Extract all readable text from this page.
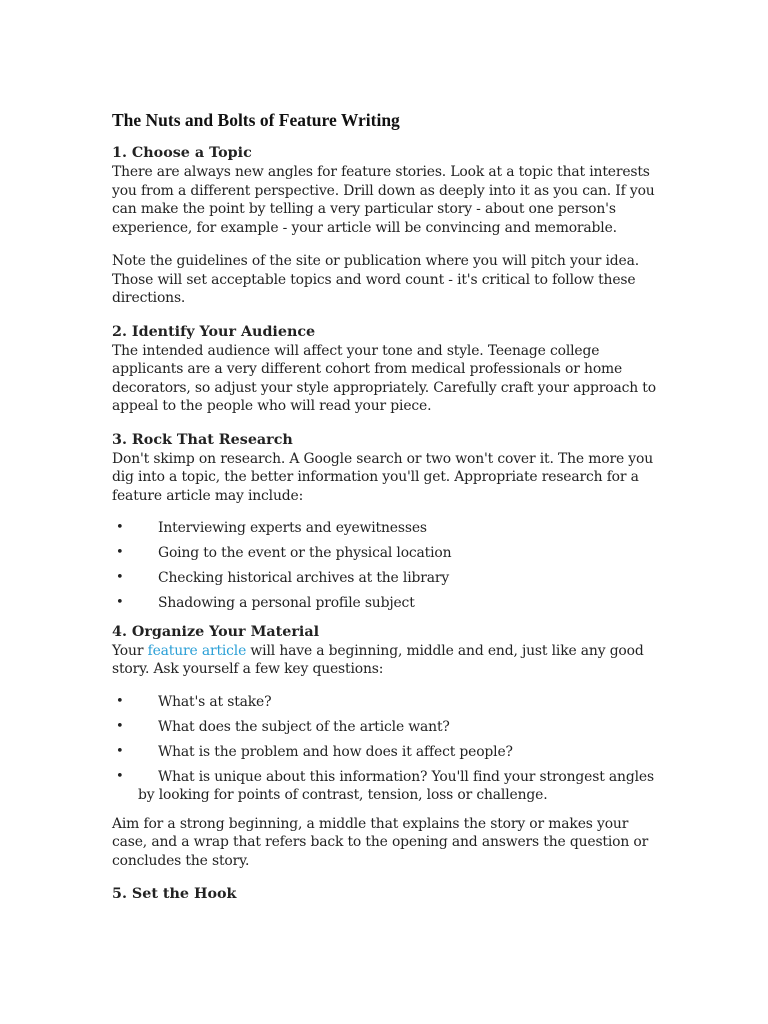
The Nuts and Bolts of Feature Writing
1. Choose a Topic

There are always new angles for feature stories. Look at a topic that interests you from a different perspective. Drill down as deeply into it as you can. If you can make the point by telling a very particular story - about one person's experience, for example - your article will be convincing and memorable.

Note the guidelines of the site or publication where you will pitch your idea. Those will set acceptable topics and word count - it's critical to follow these directions.

2. Identify Your Audience

The intended audience will affect your tone and style. Teenage college applicants are a very different cohort from medical professionals or home decorators, so adjust your style appropriately. Carefully craft your approach to appeal to the people who will read your piece.

3. Rock That Research

Don't skimp on research. A Google search or two won't cover it. The more you dig into a topic, the better information you'll get. Appropriate research for a feature article may include:

• Interviewing experts and eyewitnesses
• Going to the event or the physical location
• Checking historical archives at the library
• Shadowing a personal profile subject
4. Organize Your Material

Your feature article will have a beginning, middle and end, just like any good story. Ask yourself a few key questions:

• What's at stake?
• What does the subject of the article want?
• What is the problem and how does it affect people?
• What is unique about this information? You'll find your strongest angles by looking for points of contrast, tension, loss or challenge.

Aim for a strong beginning, a middle that explains the story or makes your case, and a wrap that refers back to the opening and answers the question or concludes the story.

5. Set the Hook
